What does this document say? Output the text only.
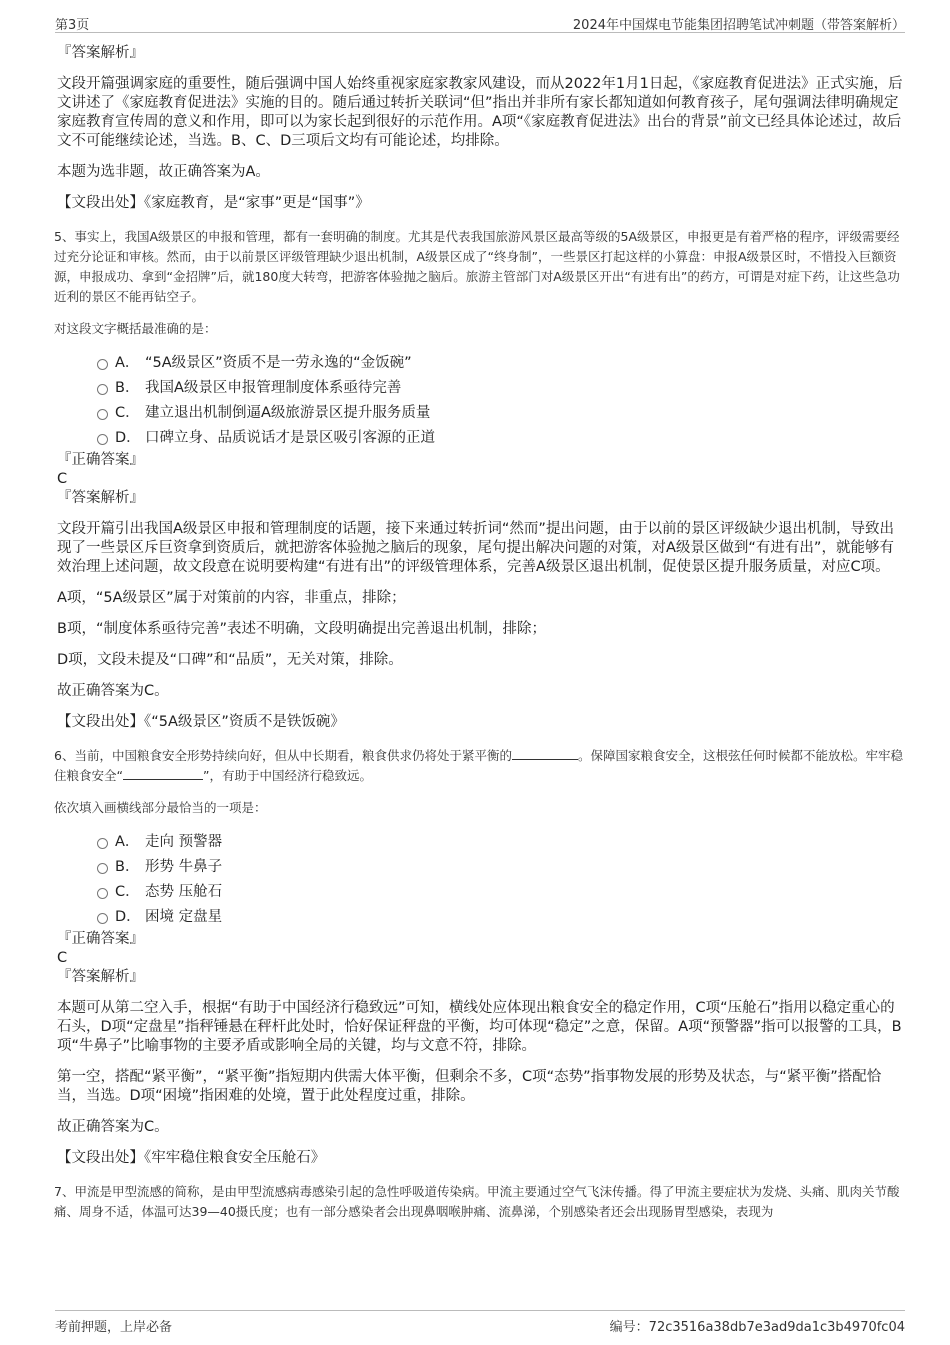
第3页	2024年中国煤电节能集团招聘笔试冲刺题（带答案解析）
『答案解析』
文段开篇强调家庭的重要性，随后强调中国人始终重视家庭家教家风建设，而从2022年1月1日起，《家庭教育促进法》正式实施，后文讲述了《家庭教育促进法》实施的目的。随后通过转折关联词“但”指出并非所有家长都知道如何教育孩子，尾句强调法律明确规定家庭教育宣传周的意义和作用，即可以为家长起到很好的示范作用。A项“《家庭教育促进法》出台的背景”前文已经具体论述过，故后文不可能继续论述，当选。B、C、D三项后文均有可能论述，均排除。
本题为选非题，故正确答案为A。
【文段出处】《家庭教育，是“家事”更是“国事”》
5、事实上，我国A级景区的申报和管理，都有一套明确的制度。尤其是代表我国旅游风景区最高等级的5A级景区，申报更是有着严格的程序，评级需要经过充分论证和审核。然而，由于以前景区评级管理缺少退出机制，A级景区成了“终身制”，一些景区打起这样的小算盘：申报A级景区时，不惜投入巨额资源，申报成功、拿到“金招牌”后，就180度大转弯，把游客体验抛之脑后。旅游主管部门对A级景区开出“有进有出”的药方，可谓是对症下药，让这些急功近利的景区不能再钻空子。
对这段文字概括最准确的是：
A． “5A级景区”资质不是一劳永逸的“金饭碗”
B． 我国A级景区申报管理制度体系亟待完善
C． 建立退出机制倒逼A级旅游景区提升服务质量
D． 口碑立身、品质说话才是景区吸引客源的正道
『正确答案』
C
『答案解析』
文段开篇引出我国A级景区申报和管理制度的话题，接下来通过转折词“然而”提出问题，由于以前的景区评级缺少退出机制，导致出现了一些景区斥巨资拿到资质后，就把游客体验抛之脑后的现象，尾句提出解决问题的对策，对A级景区做到“有进有出”，就能够有效治理上述问题，故文段意在说明要构建“有进有出”的评级管理体系，完善A级景区退出机制，促使景区提升服务质量，对应C项。
A项，“5A级景区”属于对策前的内容，非重点，排除；
B项，“制度体系亟待完善”表述不明确，文段明确提出完善退出机制，排除；
D项，文段未提及“口碑”和“品质”，无关对策，排除。
故正确答案为C。
【文段出处】《“5A级景区”资质不是铁饭碗》
6、当前，中国粮食安全形势持续向好，但从中长期看，粮食供求仍将处于紧平衡的	。保障国家粮食安全，这根弦任何时候都不能放松。牢牢稳住粮食安全“	”，有助于中国经济行稳致远。
依次填入画横线部分最恰当的一项是：
A． 走向 预警器
B． 形势 牛鼻子
C． 态势 压舱石
D． 困境 定盘星
『正确答案』
C
『答案解析』
本题可从第二空入手，根据“有助于中国经济行稳致远”可知，横线处应体现出粮食安全的稳定作用，C项“压舱石”指用以稳定重心的石头，D项“定盘星”指秤锤悬在秤杆此处时，恰好保证秤盘的平衡，均可体现“稳定”之意，保留。A项“预警器”指可以报警的工具，B项“牛鼻子”比喻事物的主要矛盾或影响全局的关键，均与文意不符，排除。
第一空，搭配“紧平衡”，“紧平衡”指短期内供需大体平衡，但剩余不多，C项“态势”指事物发展的形势及状态，与“紧平衡”搭配恰当，当选。D项“困境”指困难的处境，置于此处程度过重，排除。
故正确答案为C。
【文段出处】《牢牢稳住粮食安全压舱石》
7、甲流是甲型流感的简称，是由甲型流感病毒感染引起的急性呼吸道传染病。甲流主要通过空气飞沫传播。得了甲流主要症状为发烧、头痛、肌肉关节酸痛、周身不适，体温可达39—40摄氏度；也有一部分感染者会出现鼻咽喉肿痛、流鼻涕，个别感染者还会出现肠胃型感染，表现为
考前押题，上岸必备	编号：72c3516a38db7e3ad9da1c3b4970fc04
